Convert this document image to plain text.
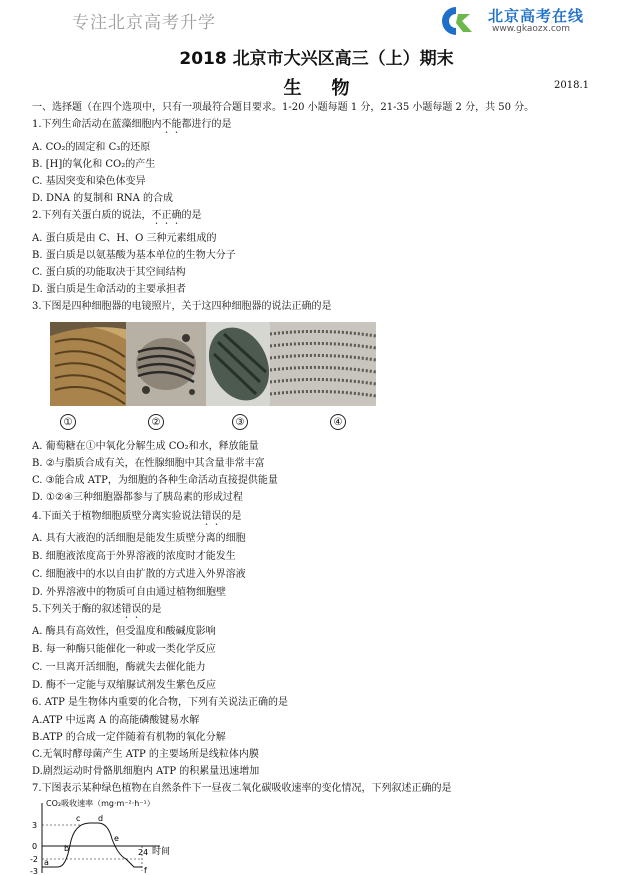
专注北京高考升学	北京高考在线
www.gkaozx.com
2018 北京市大兴区高三（上）期末
生物	2018.1
一、选择题（在四个选项中，只有一项最符合题目要求。1-20 小题每题 1 分，21-35 小题每题 2 分，共 50 分。
1.下列生命活动在蓝藻细胞内不能都进行的是
A. CO₂的固定和 C₃的还原
B. [H]的氧化和 CO₂的产生
C. 基因突变和染色体变异
D. DNA 的复制和 RNA 的合成
2.下列有关蛋白质的说法，不正确的是
A. 蛋白质是由 C、H、O 三种元素组成的
B. 蛋白质是以氨基酸为基本单位的生物大分子
C. 蛋白质的功能取决于其空间结构
D. 蛋白质是生命活动的主要承担者
3.下图是四种细胞器的电镜照片，关于这四种细胞器的说法正确的是
①	②	③	④
A. 葡萄糖在①中氧化分解生成 CO₂和水，释放能量
B. ②与脂质合成有关，在性腺细胞中其含量非常丰富
C. ③能合成 ATP，为细胞的各种生命活动直接提供能量
D. ①②④三种细胞器都参与了胰岛素的形成过程
4.下面关于植物细胞质壁分离实验说法错误的是
A. 具有大液泡的活细胞是能发生质壁分离的细胞
B. 细胞液浓度高于外界溶液的浓度时才能发生
C. 细胞液中的水以自由扩散的方式进入外界溶液
D. 外界溶液中的物质可自由通过植物细胞壁
5.下列关于酶的叙述错误的是
A. 酶具有高效性，但受温度和酸碱度影响
B. 每一种酶只能催化一种或一类化学反应
C. 一旦离开活细胞，酶就失去催化能力
D. 酶不一定能与双缩脲试剂发生紫色反应
6. ATP 是生物体内重要的化合物，下列有关说法正确的是
A.ATP 中远离 A 的高能磷酸键易水解
B.ATP 的合成一定伴随着有机物的氧化分解
C.无氧时酵母菌产生 ATP 的主要场所是线粒体内膜
D.剧烈运动时骨骼肌细胞内 ATP 的积累量迅速增加
7.下图表示某种绿色植物在自然条件下一昼夜二氧化碳吸收速率的变化情况，下列叙述正确的是
CO₂吸收速率（mg·m⁻²·h⁻¹）
3
0
-2
-3
24 时间
a
b
c d
e
f
